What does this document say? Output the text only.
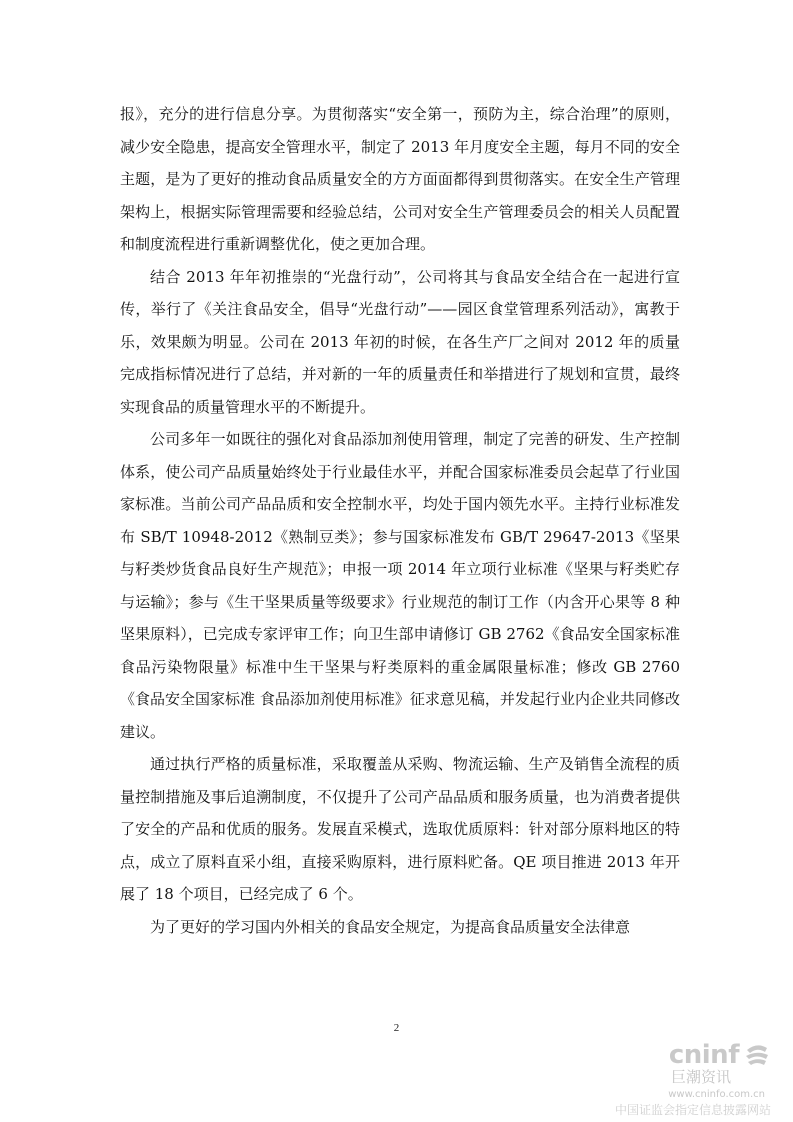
报》，充分的进行信息分享。为贯彻落实“安全第一，预防为主，综合治理”的原则，减少安全隐患，提高安全管理水平，制定了 2013 年月度安全主题，每月不同的安全主题，是为了更好的推动食品质量安全的方方面面都得到贯彻落实。在安全生产管理架构上，根据实际管理需要和经验总结，公司对安全生产管理委员会的相关人员配置和制度流程进行重新调整优化，使之更加合理。

结合 2013 年年初推崇的“光盘行动”，公司将其与食品安全结合在一起进行宣传，举行了《关注食品安全，倡导“光盘行动”——园区食堂管理系列活动》，寓教于乐，效果颇为明显。公司在 2013 年初的时候，在各生产厂之间对 2012 年的质量完成指标情况进行了总结，并对新的一年的质量责任和举措进行了规划和宣贯，最终实现食品的质量管理水平的不断提升。

公司多年一如既往的强化对食品添加剂使用管理，制定了完善的研发、生产控制体系，使公司产品质量始终处于行业最佳水平，并配合国家标准委员会起草了行业国家标准。当前公司产品品质和安全控制水平，均处于国内领先水平。主持行业标准发布 SB/T 10948-2012《熟制豆类》；参与国家标准发布 GB/T 29647-2013《坚果与籽类炒货食品良好生产规范》；申报一项 2014 年立项行业标准《坚果与籽类贮存与运输》；参与《生干坚果质量等级要求》行业规范的制订工作（内含开心果等 8 种坚果原料），已完成专家评审工作；向卫生部申请修订 GB 2762《食品安全国家标准 食品污染物限量》标准中生干坚果与籽类原料的重金属限量标准；修改 GB 2760《食品安全国家标准 食品添加剂使用标准》征求意见稿，并发起行业内企业共同修改建议。

通过执行严格的质量标准，采取覆盖从采购、物流运输、生产及销售全流程的质量控制措施及事后追溯制度，不仅提升了公司产品品质和服务质量，也为消费者提供了安全的产品和优质的服务。发展直采模式，选取优质原料：针对部分原料地区的特点，成立了原料直采小组，直接采购原料，进行原料贮备。QE 项目推进 2013 年开展了 18 个项目，已经完成了 6 个。

为了更好的学习国内外相关的食品安全规定，为提高食品质量安全法律意

2
cninf
巨潮资讯
www.cninfo.com.cn
中国证监会指定信息披露网站
